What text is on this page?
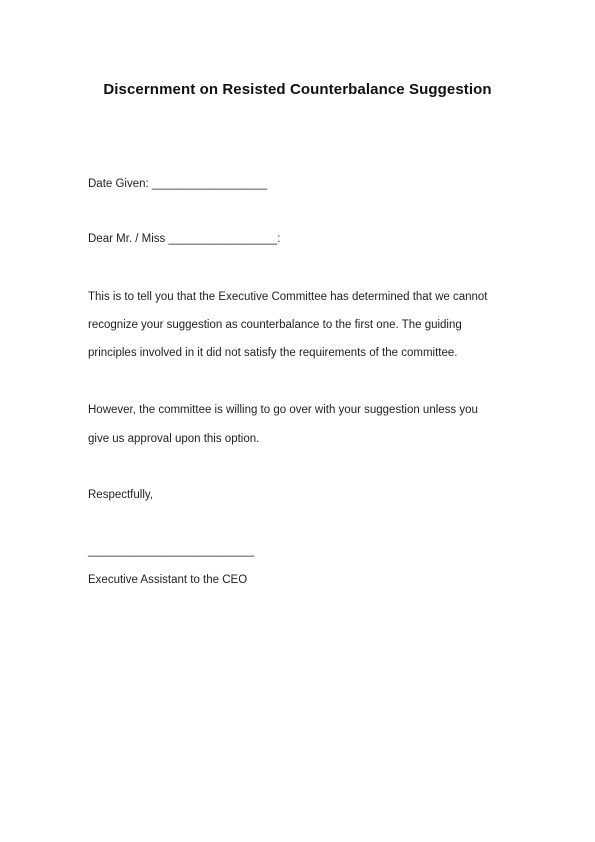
Discernment on Resisted Counterbalance Suggestion
Date Given: __________________
Dear Mr. / Miss _________________:
This is to tell you that the Executive Committee has determined that we cannot
recognize your suggestion as counterbalance to the first one. The guiding
principles involved in it did not satisfy the requirements of the committee.
However, the committee is willing to go over with your suggestion unless you
give us approval upon this option.
Respectfully,
__________________________
Executive Assistant to the CEO
